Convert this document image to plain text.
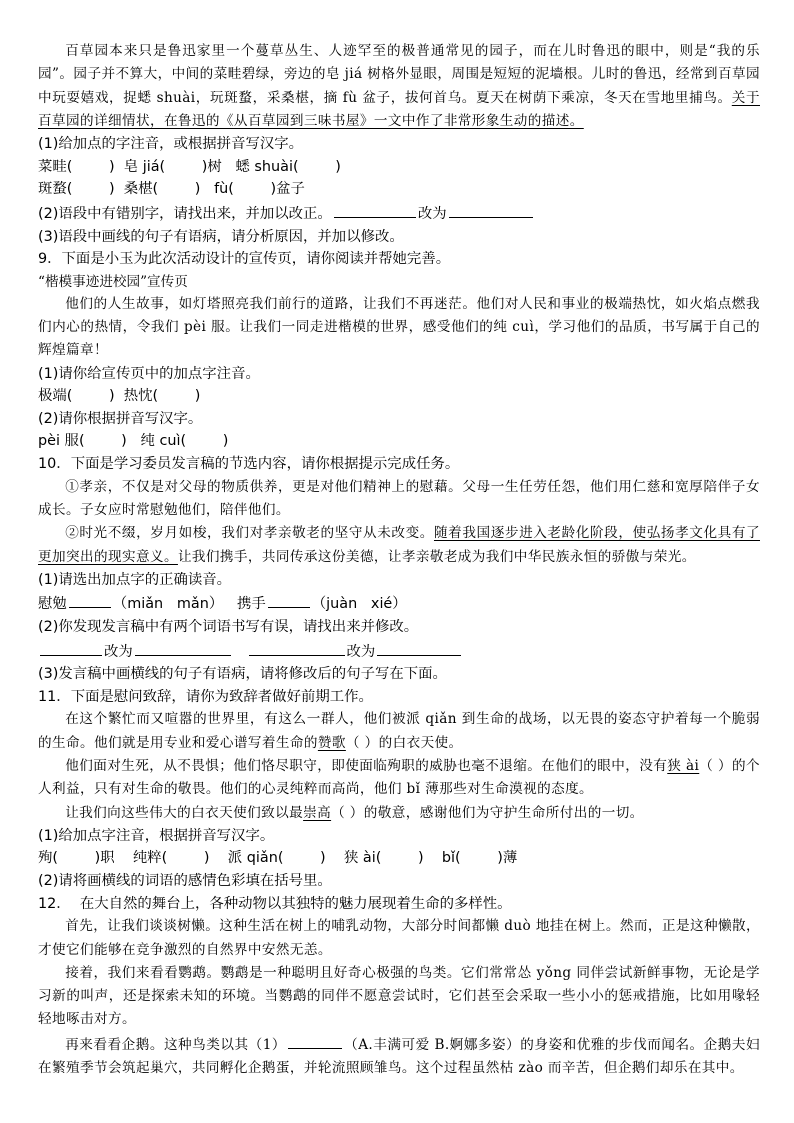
百草园本来只是鲁迅家里一个蔓草丛生、人迹罕至的极普通常见的园子，而在儿时鲁迅的眼中，则是“我的乐园”。园子并不算大，中间的菜畦碧绿，旁边的皂 jiá 树格外显眼，周围是短短的泥墙根。儿时的鲁迅，经常到百草园中玩耍嬉戏，捉蟋 shuài，玩斑蝥，采桑椹，摘 fù 盆子，拔何首乌。夏天在树荫下乘凉，冬天在雪地里捕鸟。关于百草园的详细情状，在鲁迅的《从百草园到三味书屋》一文中作了非常形象生动的描述。

(1)给加点的字注音，或根据拼音写汉字。

菜畦(        )  皂 jiá(        )树   蟋 shuài(        )

斑蝥(        )  桑椹(        )   fù(        )盆子

(2)语段中有错别字，请找出来，并加以改正。	改为

(3)语段中画线的句子有语病，请分析原因，并加以修改。

9．下面是小玉为此次活动设计的宣传页，请你阅读并帮她完善。

“楷模事迹进校园”宣传页

他们的人生故事，如灯塔照亮我们前行的道路，让我们不再迷茫。他们对人民和事业的极端热忱，如火焰点燃我们内心的热情，令我们 pèi 服。让我们一同走进楷模的世界，感受他们的纯 cuì，学习他们的品质，书写属于自己的辉煌篇章！

(1)请你给宣传页中的加点字注音。

极端(        )  热忱(        )

(2)请你根据拼音写汉字。

pèi 服(        )   纯 cuì(        )

10．下面是学习委员发言稿的节选内容，请你根据提示完成任务。

①孝亲，不仅是对父母的物质供养，更是对他们精神上的慰藉。父母一生任劳任怨，他们用仁慈和宽厚陪伴子女成长。子女应时常慰勉他们，陪伴他们。

②时光不缀，岁月如梭，我们对孝亲敬老的坚守从未改变。随着我国逐步进入老龄化阶段，使弘扬孝文化具有了更加突出的现实意义。让我们携手，共同传承这份美德，让孝亲敬老成为我们中华民族永恒的骄傲与荣光。

(1)请选出加点字的正确读音。

慰勉	（miǎn   mǎn） 携手	（juàn   xié）

(2)你发现发言稿中有两个词语书写有误，请找出来并修改。

改为	改为

(3)发言稿中画横线的句子有语病，请将修改后的句子写在下面。

11．下面是慰问致辞，请你为致辞者做好前期工作。

在这个繁忙而又喧嚣的世界里，有这么一群人，他们被派 qiǎn 到生命的战场，以无畏的姿态守护着每一个脆弱的生命。他们就是用专业和爱心谱写着生命的赞歌（ ）的白衣天使。

他们面对生死，从不畏惧；他们恪尽职守，即使面临殉职的威胁也毫不退缩。在他们的眼中，没有狭 ài（ ）的个人利益，只有对生命的敬畏。他们的心灵纯粹而高尚，他们 bǐ 薄那些对生命漠视的态度。

让我们向这些伟大的白衣天使们致以最崇高（ ）的敬意，感谢他们为守护生命所付出的一切。

(1)给加点字注音，根据拼音写汉字。

殉(        )职    纯粹(        )    派 qiǎn(        )    狭 ài(        )    bǐ(        )薄

(2)请将画横线的词语的感情色彩填在括号里。

12．  在大自然的舞台上，各种动物以其独特的魅力展现着生命的多样性。

首先，让我们谈谈树懒。这种生活在树上的哺乳动物，大部分时间都懒 duò 地挂在树上。然而，正是这种懒散，才使它们能够在竞争激烈的自然界中安然无恙。

接着，我们来看看鹦鹉。鹦鹉是一种聪明且好奇心极强的鸟类。它们常常怂 yǒng 同伴尝试新鲜事物，无论是学习新的叫声，还是探索未知的环境。当鹦鹉的同伴不愿意尝试时，它们甚至会采取一些小小的惩戒措施，比如用喙轻轻地啄击对方。

再来看看企鹅。这种鸟类以其（1）	（A.丰满可爱 B.婀娜多姿）的身姿和优雅的步伐而闻名。企鹅夫妇在繁殖季节会筑起巢穴，共同孵化企鹅蛋，并轮流照顾雏鸟。这个过程虽然枯 zào 而辛苦，但企鹅们却乐在其中。
